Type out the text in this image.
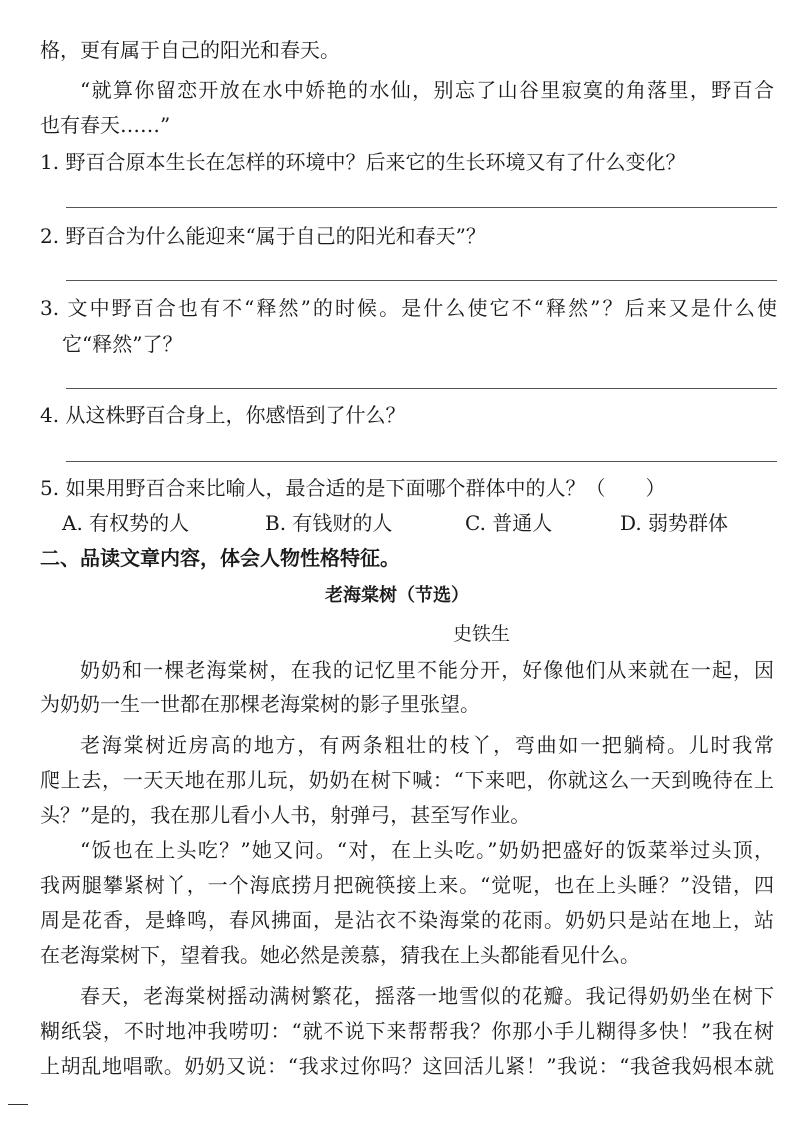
格，更有属于自己的阳光和春天。
“就算你留恋开放在水中娇艳的水仙，别忘了山谷里寂寞的角落里，野百合
也有春天……”
1. 野百合原本生长在怎样的环境中？后来它的生长环境又有了什么变化？
2. 野百合为什么能迎来“属于自己的阳光和春天”？
3. 文中野百合也有不“释然”的时候。是什么使它不“释然”？后来又是什么使
它“释然”了？
4. 从这株野百合身上，你感悟到了什么？
5. 如果用野百合来比喻人，最合适的是下面哪个群体中的人？（　　）
A. 有权势的人	B. 有钱财的人	C. 普通人	D. 弱势群体
二、品读文章内容，体会人物性格特征。
老海棠树（节选）
史铁生
奶奶和一棵老海棠树，在我的记忆里不能分开，好像他们从来就在一起，因
为奶奶一生一世都在那棵老海棠树的影子里张望。
老海棠树近房高的地方，有两条粗壮的枝丫，弯曲如一把躺椅。儿时我常
爬上去，一天天地在那儿玩，奶奶在树下喊：“下来吧，你就这么一天到晚待在上
头？”是的，我在那儿看小人书，射弹弓，甚至写作业。
“饭也在上头吃？”她又问。“对，在上头吃。”奶奶把盛好的饭菜举过头顶，
我两腿攀紧树丫，一个海底捞月把碗筷接上来。“觉呢，也在上头睡？”没错，四
周是花香，是蜂鸣，春风拂面，是沾衣不染海棠的花雨。奶奶只是站在地上，站
在老海棠树下，望着我。她必然是羡慕，猜我在上头都能看见什么。
春天，老海棠树摇动满树繁花，摇落一地雪似的花瓣。我记得奶奶坐在树下
糊纸袋，不时地冲我唠叨：“就不说下来帮帮我？你那小手儿糊得多快！”我在树
上胡乱地唱歌。奶奶又说：“我求过你吗？这回活儿紧！”我说：“我爸我妈根本就
